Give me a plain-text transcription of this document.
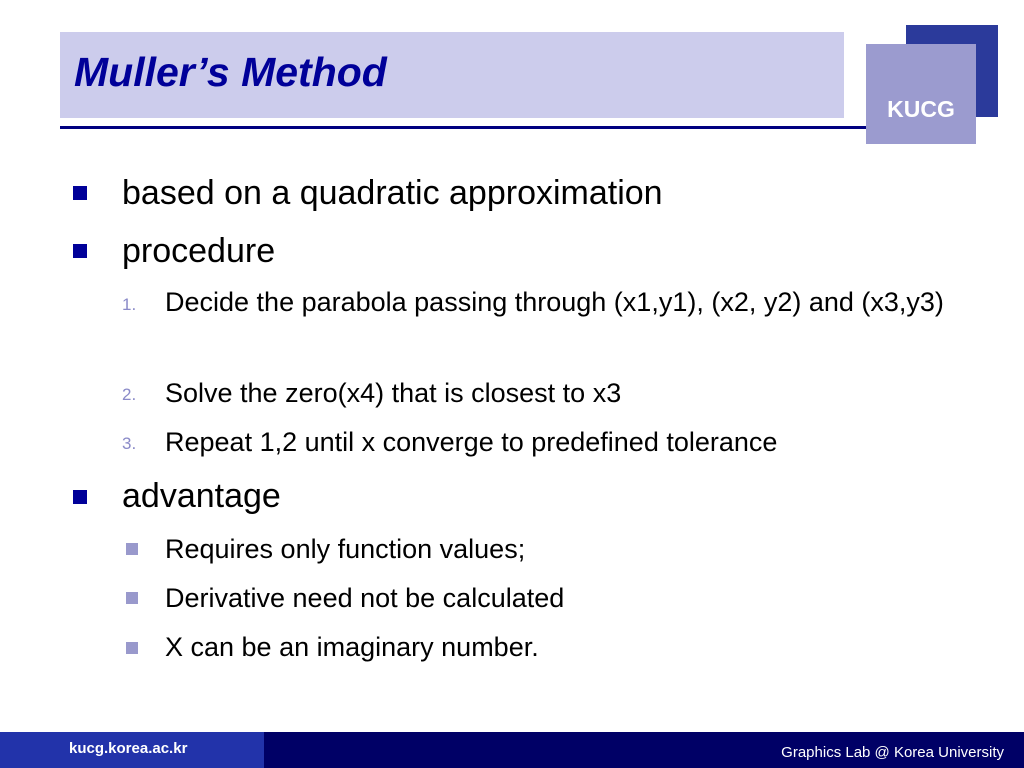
Muller’s Method
KUCG
based on a quadratic approximation
procedure
1. Decide the parabola passing through (x1,y1), (x2, y2) and (x3,y3)
2. Solve the zero(x4) that is closest to x3
3. Repeat 1,2 until x converge to predefined tolerance
advantage
Requires only function values;
Derivative need not be calculated
X can be an imaginary number.
kucg.korea.ac.kr	Graphics Lab @ Korea University
